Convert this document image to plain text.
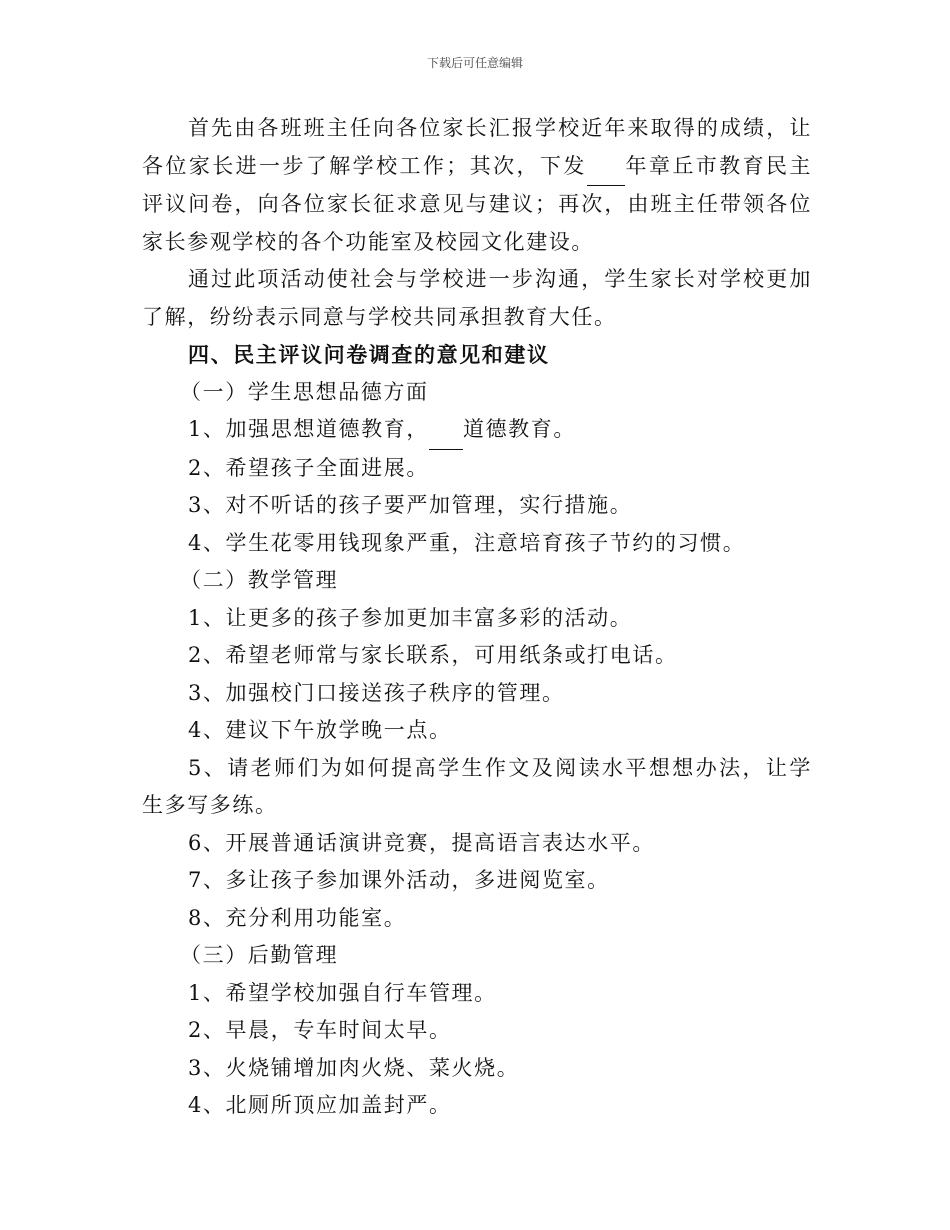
下载后可任意编辑

首先由各班班主任向各位家长汇报学校近年来取得的成绩，让各位家长进一步了解学校工作；其次，下发 年章丘市教育民主评议问卷，向各位家长征求意见与建议；再次，由班主任带领各位家长参观学校的各个功能室及校园文化建设。

通过此项活动使社会与学校进一步沟通，学生家长对学校更加了解，纷纷表示同意与学校共同承担教育大任。

四、民主评议问卷调查的意见和建议

（一）学生思想品德方面

1、加强思想道德教育， 道德教育。

2、希望孩子全面进展。

3、对不听话的孩子要严加管理，实行措施。

4、学生花零用钱现象严重，注意培育孩子节约的习惯。

（二）教学管理

1、让更多的孩子参加更加丰富多彩的活动。

2、希望老师常与家长联系，可用纸条或打电话。

3、加强校门口接送孩子秩序的管理。

4、建议下午放学晚一点。

5、请老师们为如何提高学生作文及阅读水平想想办法，让学生多写多练。

6、开展普通话演讲竞赛，提高语言表达水平。

7、多让孩子参加课外活动，多进阅览室。

8、充分利用功能室。

（三）后勤管理

1、希望学校加强自行车管理。

2、早晨，专车时间太早。

3、火烧铺增加肉火烧、菜火烧。

4、北厕所顶应加盖封严。
